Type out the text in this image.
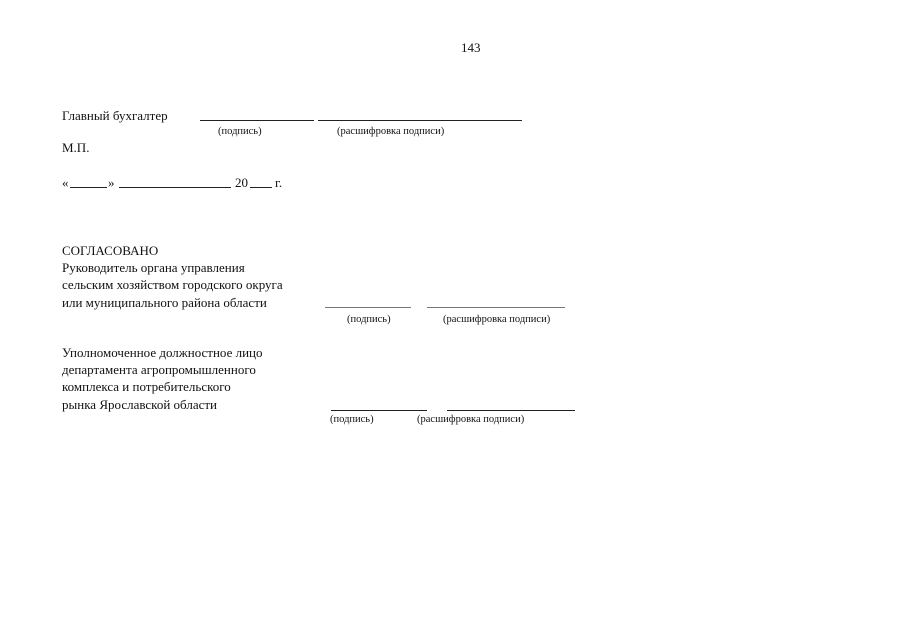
143
Главный бухгалтер
(подпись)	(расшифровка подписи)
М.П.
«	»	20 г.
СОГЛАСОВАНО
Руководитель органа управления
сельским хозяйством городского округа
или муниципального района области
(подпись)	(расшифровка подписи)
Уполномоченное должностное лицо
департамента агропромышленного
комплекса и потребительского
рынка Ярославской области
(подпись)	(расшифровка подписи)
